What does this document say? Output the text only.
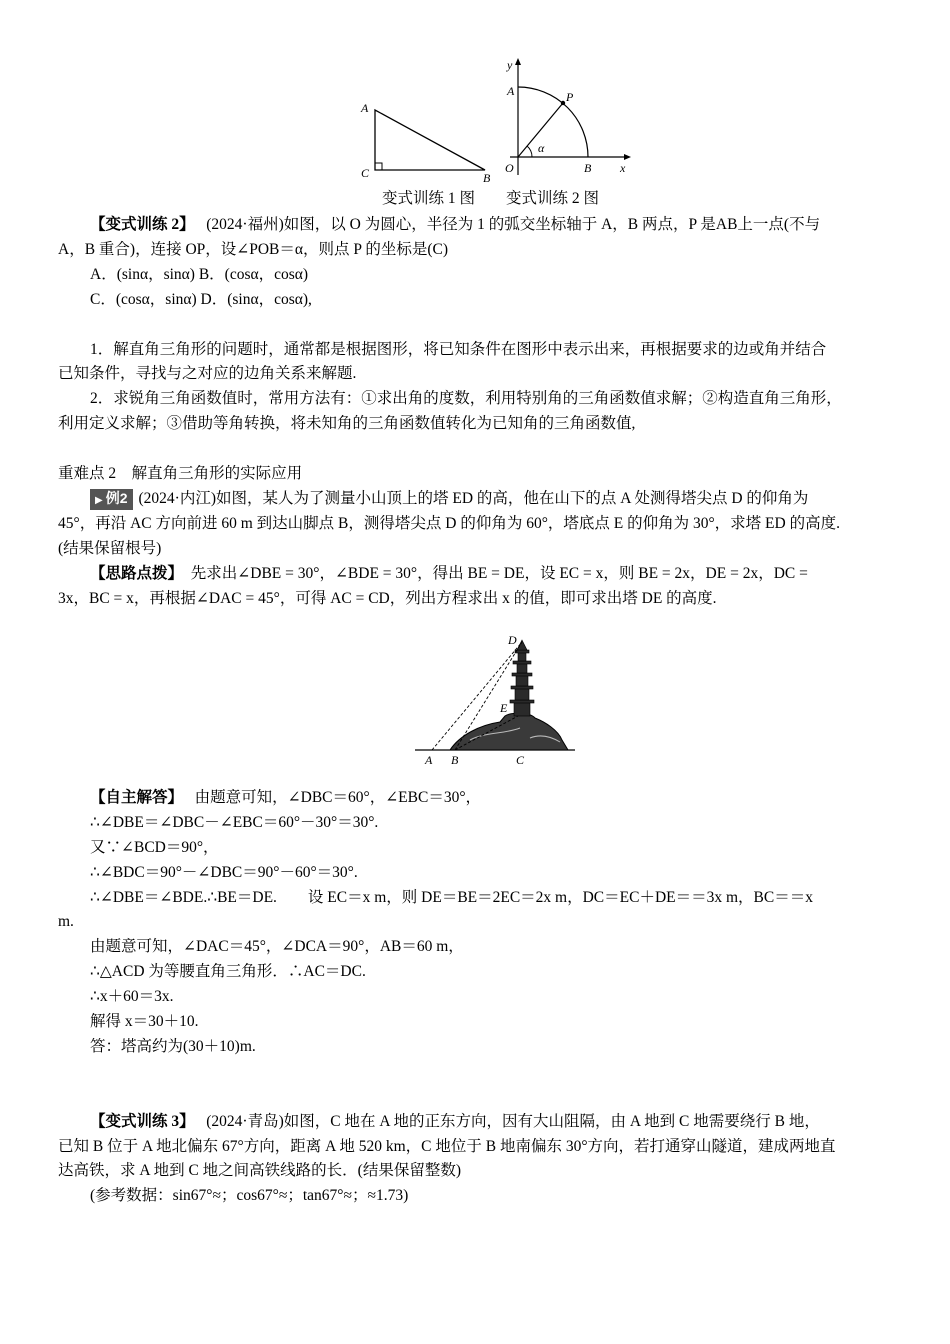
A
C	B
y
A	P
α
O	B x
变式训练 1 图 变式训练 2 图
【变式训练 2】 (2024·福州)如图，以 O 为圆心，半径为 1 的弧交坐标轴于 A，B 两点，P 是AB上一点(不与
A，B 重合)，连接 OP，设∠POB＝α，则点 P 的坐标是(C)
A．(sinα，sinα) B．(cosα，cosα)
C．(cosα，sinα) D．(sinα，cosα),
1．解直角三角形的问题时，通常都是根据图形，将已知条件在图形中表示出来，再根据要求的边或角并结合
已知条件，寻找与之对应的边角关系来解题.
2．求锐角三角函数值时，常用方法有：①求出角的度数，利用特别角的三角函数值求解；②构造直角三角形，
利用定义求解；③借助等角转换，将未知角的三角函数值转化为已知角的三角函数值,
重难点 2　解直角三角形的实际应用
▶ 例2 (2024·内江)如图，某人为了测量小山顶上的塔 ED 的高，他在山下的点 A 处测得塔尖点 D 的仰角为
45°，再沿 AC 方向前进 60 m 到达山脚点 B，测得塔尖点 D 的仰角为 60°，塔底点 E 的仰角为 30°，求塔 ED 的高度.
(结果保留根号)
【思路点拨】 先求出∠DBE = 30°，∠BDE = 30°，得出 BE = DE，设 EC = x，则 BE = 2x，DE = 2x，DC =
3x，BC = x，再根据∠DAC = 45°，可得 AC = CD，列出方程求出 x 的值，即可求出塔 DE 的高度.
D
E
A B	C
【自主解答】 由题意可知，∠DBC＝60°，∠EBC＝30°，
∴∠DBE＝∠DBC－∠EBC＝60°－30°＝30°.
又∵∠BCD＝90°，
∴∠BDC＝90°－∠DBC＝90°－60°＝30°.
∴∠DBE＝∠BDE.∴BE＝DE.　　设 EC＝x m，则 DE＝BE＝2EC＝2x m，DC＝EC＋DE＝＝3x m，BC＝＝x
m.
由题意可知，∠DAC＝45°，∠DCA＝90°，AB＝60 m，
∴△ACD 为等腰直角三角形．∴AC＝DC.
∴x＋60＝3x.
解得 x＝30＋10.
答：塔高约为(30＋10)m.
【变式训练 3】 (2024·青岛)如图，C 地在 A 地的正东方向，因有大山阻隔，由 A 地到 C 地需要绕行 B 地，
已知 B 位于 A 地北偏东 67°方向，距离 A 地 520 km，C 地位于 B 地南偏东 30°方向，若打通穿山隧道，建成两地直
达高铁，求 A 地到 C 地之间高铁线路的长．(结果保留整数)
(参考数据：sin67°≈；cos67°≈；tan67°≈；≈1.73)
